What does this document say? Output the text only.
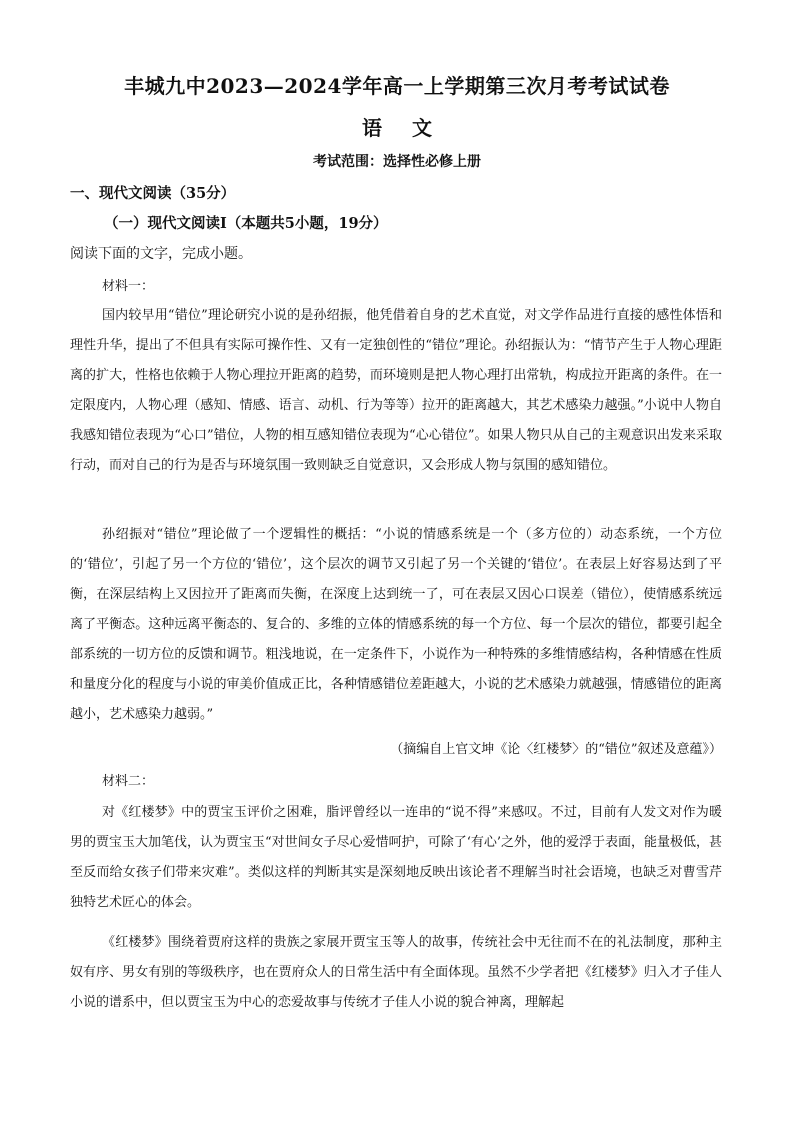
丰城九中2023—2024学年高一上学期第三次月考考试试卷
语文
考试范围：选择性必修上册
一、现代文阅读（35分）
（一）现代文阅读Ⅰ（本题共5小题，19分）
阅读下面的文字，完成小题。
材料一：

国内较早用“错位”理论研究小说的是孙绍振，他凭借着自身的艺术直觉，对文学作品进行直接的感性体悟和理性升华，提出了不但具有实际可操作性、又有一定独创性的“错位”理论。孙绍振认为：“情节产生于人物心理距离的扩大，性格也依赖于人物心理拉开距离的趋势，而环境则是把人物心理打出常轨，构成拉开距离的条件。在一定限度内，人物心理（感知、情感、语言、动机、行为等等）拉开的距离越大，其艺术感染力越强。”小说中人物自我感知错位表现为“心口”错位，人物的相互感知错位表现为“心心错位”。如果人物只从自己的主观意识出发来采取行动，而对自己的行为是否与环境氛围一致则缺乏自觉意识，又会形成人物与氛围的感知错位。

孙绍振对“错位”理论做了一个逻辑性的概括：“小说的情感系统是一个（多方位的）动态系统，一个方位的‘错位’，引起了另一个方位的‘错位’，这个层次的调节又引起了另一个关键的‘错位’。在表层上好容易达到了平衡，在深层结构上又因拉开了距离而失衡，在深度上达到统一了，可在表层又因心口误差（错位），使情感系统远离了平衡态。这种远离平衡态的、复合的、多维的立体的情感系统的每一个方位、每一个层次的错位，都要引起全部系统的一切方位的反馈和调节。粗浅地说，在一定条件下，小说作为一种特殊的多维情感结构，各种情感在性质和量度分化的程度与小说的审美价值成正比，各种情感错位差距越大，小说的艺术感染力就越强，情感错位的距离越小，艺术感染力越弱。”

（摘编自上官文坤《论〈红楼梦〉的“错位”叙述及意蕴》）
材料二：

对《红楼梦》中的贾宝玉评价之困难，脂评曾经以一连串的“说不得”来感叹。不过，目前有人发文对作为暖男的贾宝玉大加笔伐，认为贾宝玉“对世间女子尽心爱惜呵护，可除了‘有心’之外，他的爱浮于表面，能量极低，甚至反而给女孩子们带来灾难”。类似这样的判断其实是深刻地反映出该论者不理解当时社会语境，也缺乏对曹雪芹独特艺术匠心的体会。

《红楼梦》围绕着贾府这样的贵族之家展开贾宝玉等人的故事，传统社会中无往而不在的礼法制度，那种主奴有序、男女有别的等级秩序，也在贾府众人的日常生活中有全面体现。虽然不少学者把《红楼梦》归入才子佳人小说的谱系中，但以贾宝玉为中心的恋爱故事与传统才子佳人小说的貌合神离，理解起
